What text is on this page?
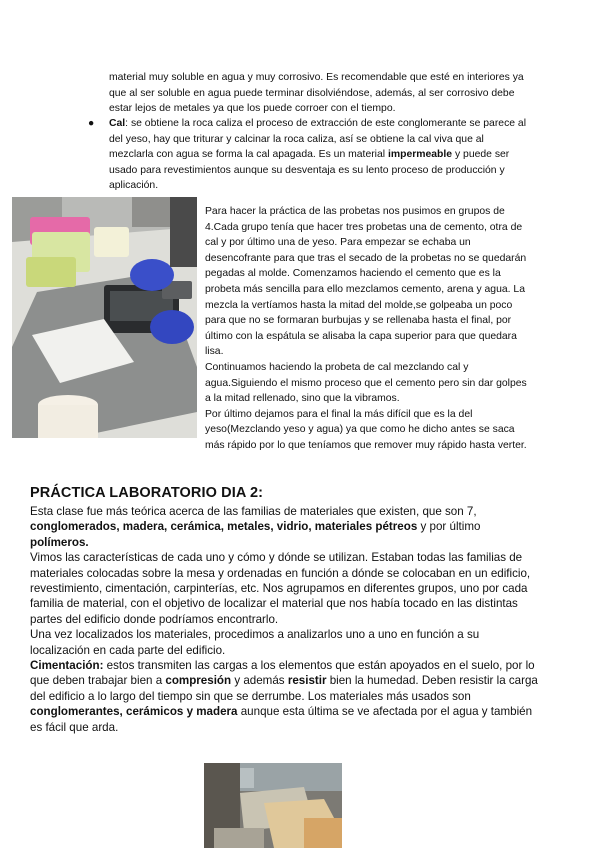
material muy soluble en agua y muy corrosivo. Es recomendable que esté en interiores ya que al ser soluble en agua puede terminar disolviéndose, además, al ser corrosivo debe estar lejos de metales ya que los puede corroer con el tiempo.

● Cal: se obtiene la roca caliza el proceso de extracción de este conglomerante se parece al del yeso, hay que triturar y calcinar la roca caliza, así se obtiene la cal viva que al mezclarla con agua se forma la cal apagada. Es un material impermeable y puede ser usado para revestimientos aunque su desventaja es su lento proceso de producción y aplicación.

Para hacer la práctica de las probetas nos pusimos en grupos de 4.Cada grupo tenía que hacer tres probetas una de cemento, otra de cal y por último una de yeso. Para empezar se echaba un desencofrante para que tras el secado de la probetas no se quedarán pegadas al molde. Comenzamos haciendo el cemento que es la probeta más sencilla para ello mezclamos cemento, arena y agua. La mezcla la vertíamos hasta la mitad del molde,se golpeaba un poco para que no se formaran burbujas y se rellenaba hasta el final, por último con la espátula se alisaba la capa superior para que quedara lisa.
Continuamos haciendo la probeta de cal mezclando cal y agua.Siguiendo el mismo proceso que el cemento pero sin dar golpes a la mitad rellenado, sino que la vibramos.
Por último dejamos para el final la más difícil que es la del yeso(Mezclando yeso y agua) ya que como he dicho antes se saca más rápido por lo que teníamos que remover muy rápido hasta verter.

PRÁCTICA LABORATORIO DIA 2:
Esta clase fue más teórica acerca de las familias de materiales que existen, que son 7, conglomerados, madera, cerámica, metales, vidrio, materiales pétreos y por último polímeros.
Vimos las características de cada uno y cómo y dónde se utilizan. Estaban todas las familias de materiales colocadas sobre la mesa y ordenadas en función a dónde se colocaban en un edificio, revestimiento, cimentación, carpinterías, etc. Nos agrupamos en diferentes grupos, uno por cada familia de material, con el objetivo de localizar el material que nos había tocado en las distintas partes del edificio donde podríamos encontrarlo.
Una vez localizados los materiales, procedimos a analizarlos uno a uno en función a su localización en cada parte del edificio.
Cimentación: estos transmiten las cargas a los elementos que están apoyados en el suelo, por lo que deben trabajar bien a compresión y además resistir bien la humedad. Deben resistir la carga del edificio a lo largo del tiempo sin que se derrumbe. Los materiales más usados son conglomerantes, cerámicos y madera aunque esta última se ve afectada por el agua y también es fácil que arda.
